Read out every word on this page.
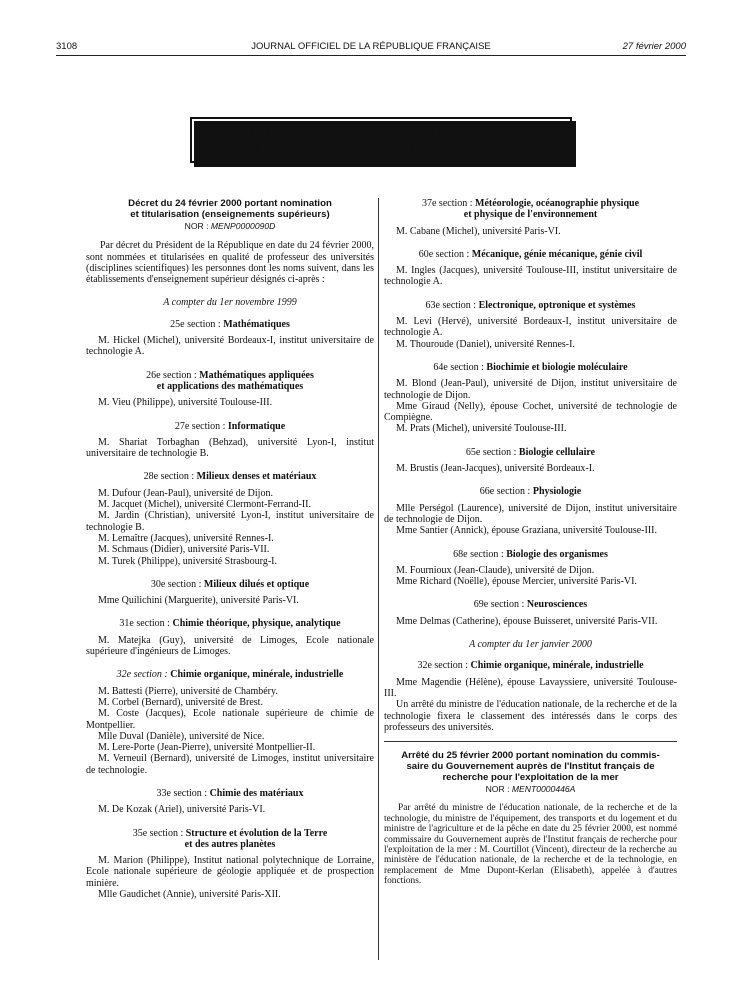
3108	JOURNAL OFFICIEL DE LA RÉPUBLIQUE FRANÇAISE	27 février 2000
MINISTÈRE DE L'ÉDUCATION NATIONALE,
DE LA RECHERCHE ET DE LA TECHNOLOGIE
Décret du 24 février 2000 portant nomination
et titularisation (enseignements supérieurs)
NOR : MENP0000090D

Par décret du Président de la République en date du 24 février 2000, sont nommées et titularisées en qualité de professeur des universités (disciplines scientifiques) les personnes dont les noms suivent, dans les établissements d'enseignement supérieur désignés ci-après :

A compter du 1er novembre 1999
25e section : Mathématiques

M. Hickel (Michel), université Bordeaux-I, institut universitaire de technologie A.

26e section : Mathématiques appliquées
et applications des mathématiques

M. Vieu (Philippe), université Toulouse-III.

27e section : Informatique

M. Shariat Torbaghan (Behzad), université Lyon-I, institut universitaire de technologie B.

28e section : Milieux denses et matériaux

M. Dufour (Jean-Paul), université de Dijon.

M. Jacquet (Michel), université Clermont-Ferrand-II.

M. Jardin (Christian), université Lyon-I, institut universitaire de technologie B.

M. Lemaître (Jacques), université Rennes-I.

M. Schmaus (Didier), université Paris-VII.

M. Turek (Philippe), université Strasbourg-I.

30e section : Milieux dilués et optique

Mme Quilichini (Marguerite), université Paris-VI.

31e section : Chimie théorique, physique, analytique

M. Matejka (Guy), université de Limoges, Ecole nationale supérieure d'ingénieurs de Limoges.

32e section : Chimie organique, minérale, industrielle

M. Battesti (Pierre), université de Chambéry.

M. Corbel (Bernard), université de Brest.

M. Coste (Jacques), Ecole nationale supérieure de chimie de Montpellier.

Mlle Duval (Danièle), université de Nice.

M. Lere-Porte (Jean-Pierre), université Montpellier-II.

M. Verneuil (Bernard), université de Limoges, institut universitaire de technologie.

33e section : Chimie des matériaux

M. De Kozak (Ariel), université Paris-VI.

35e section : Structure et évolution de la Terre
et des autres planètes

M. Marion (Philippe), Institut national polytechnique de Lorraine, Ecole nationale supérieure de géologie appliquée et de prospection minière.

Mlle Gaudichet (Annie), université Paris-XII.

37e section : Météorologie, océanographie physique
et physique de l'environnement

M. Cabane (Michel), université Paris-VI.

60e section : Mécanique, génie mécanique, génie civil

M. Ingles (Jacques), université Toulouse-III, institut universitaire de technologie A.

63e section : Electronique, optronique et systèmes

M. Levi (Hervé), université Bordeaux-I, institut universitaire de technologie A.

M. Thouroude (Daniel), université Rennes-I.

64e section : Biochimie et biologie moléculaire

M. Blond (Jean-Paul), université de Dijon, institut universitaire de technologie de Dijon.

Mme Giraud (Nelly), épouse Cochet, université de technologie de Compiègne.

M. Prats (Michel), université Toulouse-III.

65e section : Biologie cellulaire

M. Brustis (Jean-Jacques), université Bordeaux-I.

66e section : Physiologie

Mlle Perségol (Laurence), université de Dijon, institut universitaire de technologie de Dijon.

Mme Santier (Annick), épouse Graziana, université Toulouse-III.

68e section : Biologie des organismes

M. Fournioux (Jean-Claude), université de Dijon.

Mme Richard (Noëlle), épouse Mercier, université Paris-VI.

69e section : Neurosciences

Mme Delmas (Catherine), épouse Buisseret, université Paris-VII.

A compter du 1er janvier 2000
32e section : Chimie organique, minérale, industrielle

Mme Magendie (Hélène), épouse Lavayssiere, université Toulouse-III.

Un arrêté du ministre de l'éducation nationale, de la recherche et de la technologie fixera le classement des intéressés dans le corps des professeurs des universités.

Arrêté du 25 février 2000 portant nomination du commis-
saire du Gouvernement auprès de l'Institut français de
recherche pour l'exploitation de la mer
NOR : MENT0000446A

Par arrêté du ministre de l'éducation nationale, de la recherche et de la technologie, du ministre de l'équipement, des transports et du logement et du ministre de l'agriculture et de la pêche en date du 25 février 2000, est nommé commissaire du Gouvernement auprès de l'Institut français de recherche pour l'exploitation de la mer : M. Courtillot (Vincent), directeur de la recherche au ministère de l'éducation nationale, de la recherche et de la technologie, en remplacement de Mme Dupont-Kerlan (Elisabeth), appelée à d'autres fonctions.
